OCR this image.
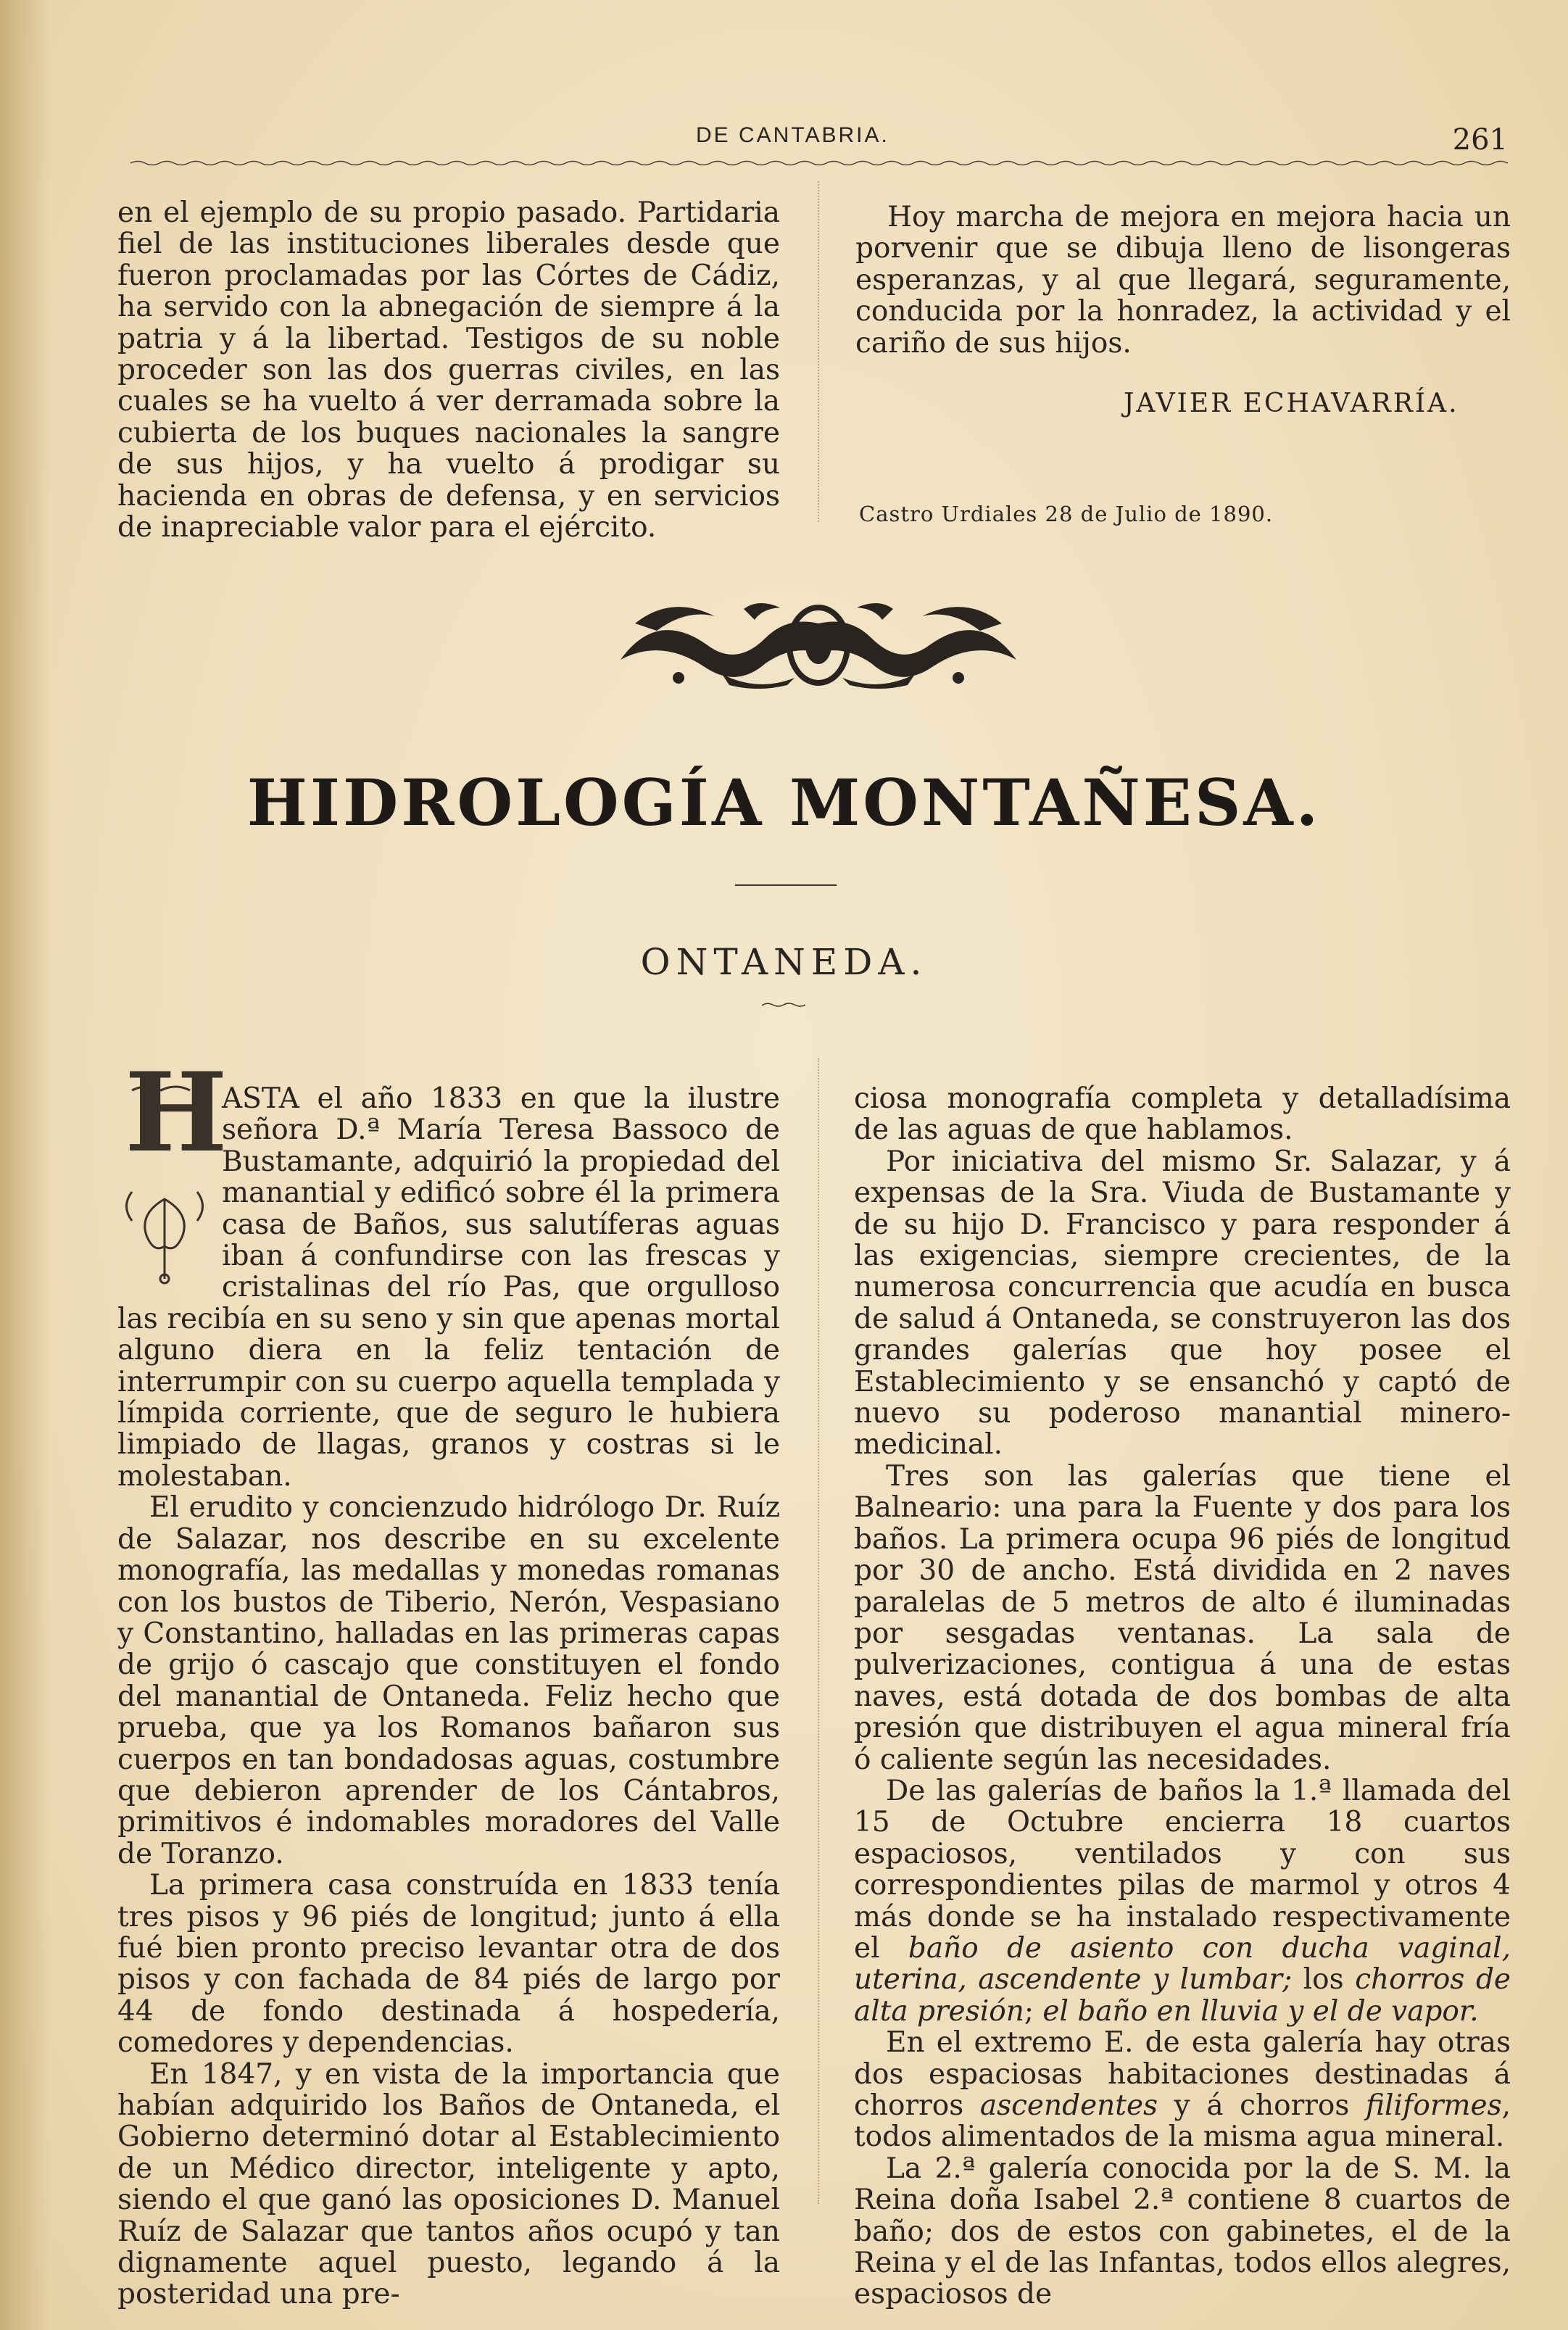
DE CANTABRIA.	261

en el ejemplo de su propio pasado. Partidaria fiel de las instituciones liberales desde que fueron proclamadas por las Córtes de Cádiz, ha servido con la abnegación de siempre á la patria y á la libertad. Testigos de su noble proceder son las dos guerras civiles, en las cuales se ha vuelto á ver derramada sobre la cubierta de los buques nacionales la sangre de sus hijos, y ha vuelto á prodigar su hacienda en obras de defensa, y en servicios de inapreciable valor para el ejército.

Hoy marcha de mejora en mejora hacia un porvenir que se dibuja lleno de lisongeras esperanzas, y al que llegará, seguramente, conducida por la honradez, la actividad y el cariño de sus hijos.

JAVIER ECHAVARRÍA.
Castro Urdiales 28 de Julio de 1890.
HIDROLOGÍA MONTAÑESA.
ONTANEDA.
H

ASTA el año 1833 en que la ilustre señora D.ª María Teresa Bassoco de Bustamante, adquirió la propiedad del manantial y edificó sobre él la primera casa de Baños, sus salutíferas aguas iban á confundirse con las frescas y cristalinas del río Pas, que orgulloso las recibía en su seno y sin que apenas mortal alguno diera en la feliz tentación de interrumpir con su cuerpo aquella templada y límpida corriente, que de seguro le hubiera limpiado de llagas, granos y costras si le molestaban.

El erudito y concienzudo hidrólogo Dr. Ruíz de Salazar, nos describe en su excelente monografía, las medallas y monedas romanas con los bustos de Tiberio, Nerón, Vespasiano y Constantino, halladas en las primeras capas de grijo ó cascajo que constituyen el fondo del manantial de Ontaneda. Feliz hecho que prueba, que ya los Romanos bañaron sus cuerpos en tan bondadosas aguas, costumbre que debieron aprender de los Cántabros, primitivos é indomables moradores del Valle de Toranzo.

La primera casa construída en 1833 tenía tres pisos y 96 piés de longitud; junto á ella fué bien pronto preciso levantar otra de dos pisos y con fachada de 84 piés de largo por 44 de fondo destinada á hospedería, comedores y dependencias.

En 1847, y en vista de la importancia que habían adquirido los Baños de Ontaneda, el Gobierno determinó dotar al Establecimiento de un Médico director, inteligente y apto, siendo el que ganó las oposiciones D. Manuel Ruíz de Salazar que tantos años ocupó y tan dignamente aquel puesto, legando á la posteridad una pre-

ciosa monografía completa y detalladísima de las aguas de que hablamos.

Por iniciativa del mismo Sr. Salazar, y á expensas de la Sra. Viuda de Bustamante y de su hijo D. Francisco y para responder á las exigencias, siempre crecientes, de la numerosa concurrencia que acudía en busca de salud á Ontaneda, se construyeron las dos grandes galerías que hoy posee el Establecimiento y se ensanchó y captó de nuevo su poderoso manantial minero-medicinal.

Tres son las galerías que tiene el Balneario: una para la Fuente y dos para los baños. La primera ocupa 96 piés de longitud por 30 de ancho. Está dividida en 2 naves paralelas de 5 metros de alto é iluminadas por sesgadas ventanas. La sala de pulverizaciones, contigua á una de estas naves, está dotada de dos bombas de alta presión que distribuyen el agua mineral fría ó caliente según las necesidades.

De las galerías de baños la 1.ª llamada del 15 de Octubre encierra 18 cuartos espaciosos, ventilados y con sus correspondientes pilas de marmol y otros 4 más donde se ha instalado respectivamente el baño de asiento con ducha vaginal, uterina, ascendente y lumbar; los chorros de alta presión; el baño en lluvia y el de vapor.

En el extremo E. de esta galería hay otras dos espaciosas habitaciones destinadas á chorros ascendentes y á chorros filiformes, todos alimentados de la misma agua mineral.

La 2.ª galería conocida por la de S. M. la Reina doña Isabel 2.ª contiene 8 cuartos de baño; dos de estos con gabinetes, el de la Reina y el de las Infantas, todos ellos alegres, espaciosos de
